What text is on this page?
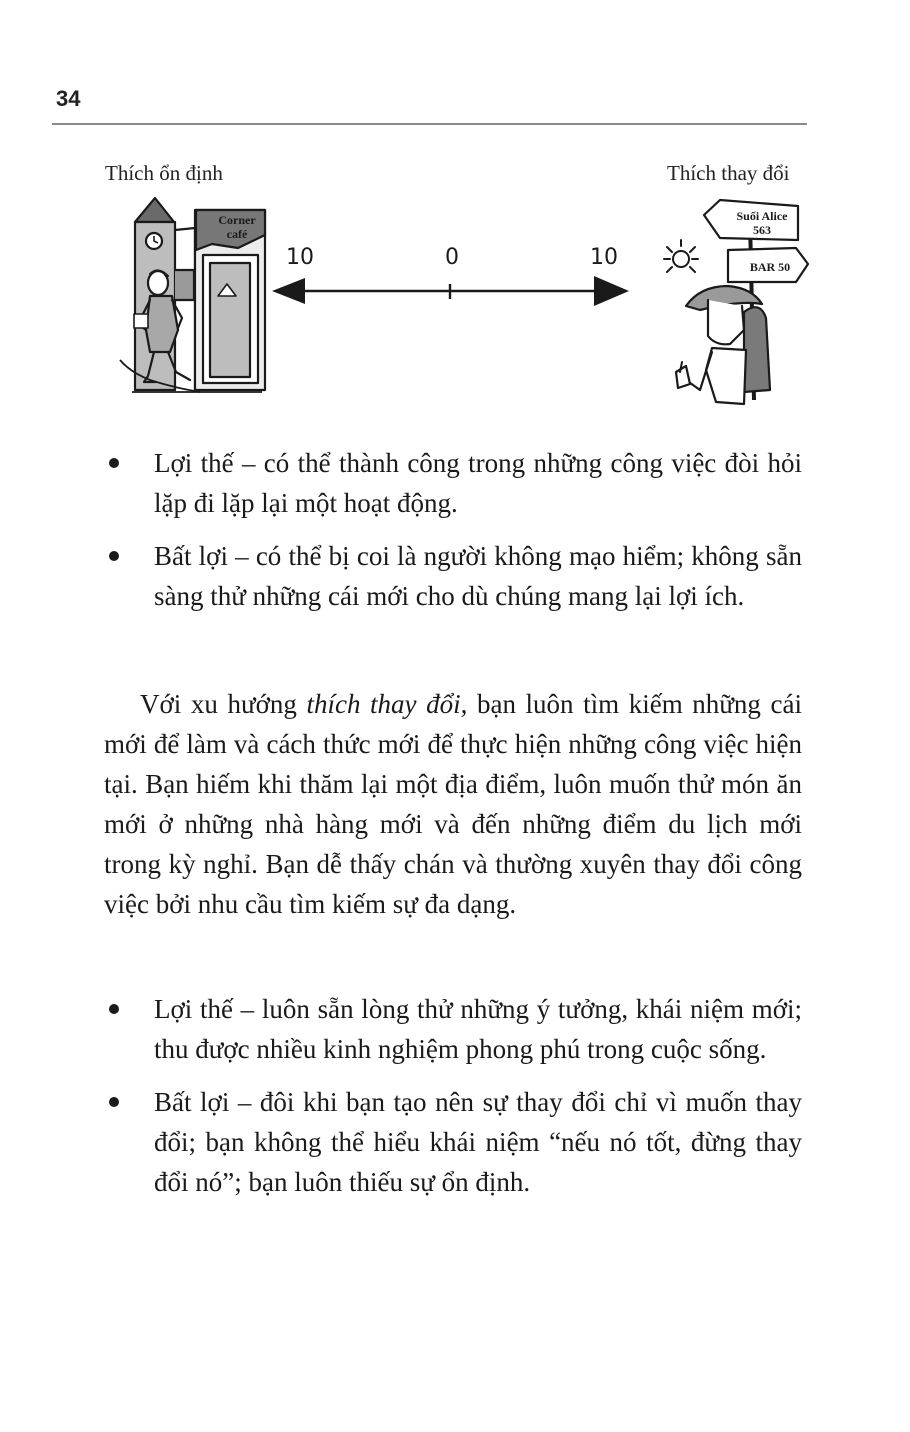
34
Thích ổn định	Thích thay đổi
Corner
café
10	0	10
Suối Alice
563
BAR 50
Lợi thế – có thể thành công trong những công việc đòi hỏi lặp đi lặp lại một hoạt động.
Bất lợi – có thể bị coi là người không mạo hiểm; không sẵn sàng thử những cái mới cho dù chúng mang lại lợi ích.

Với xu hướng thích thay đổi, bạn luôn tìm kiếm những cái mới để làm và cách thức mới để thực hiện những công việc hiện tại. Bạn hiếm khi thăm lại một địa điểm, luôn muốn thử món ăn mới ở những nhà hàng mới và đến những điểm du lịch mới trong kỳ nghỉ. Bạn dễ thấy chán và thường xuyên thay đổi công việc bởi nhu cầu tìm kiếm sự đa dạng.

Lợi thế – luôn sẵn lòng thử những ý tưởng, khái niệm mới; thu được nhiều kinh nghiệm phong phú trong cuộc sống.
Bất lợi – đôi khi bạn tạo nên sự thay đổi chỉ vì muốn thay đổi; bạn không thể hiểu khái niệm “nếu nó tốt, đừng thay đổi nó”; bạn luôn thiếu sự ổn định.
